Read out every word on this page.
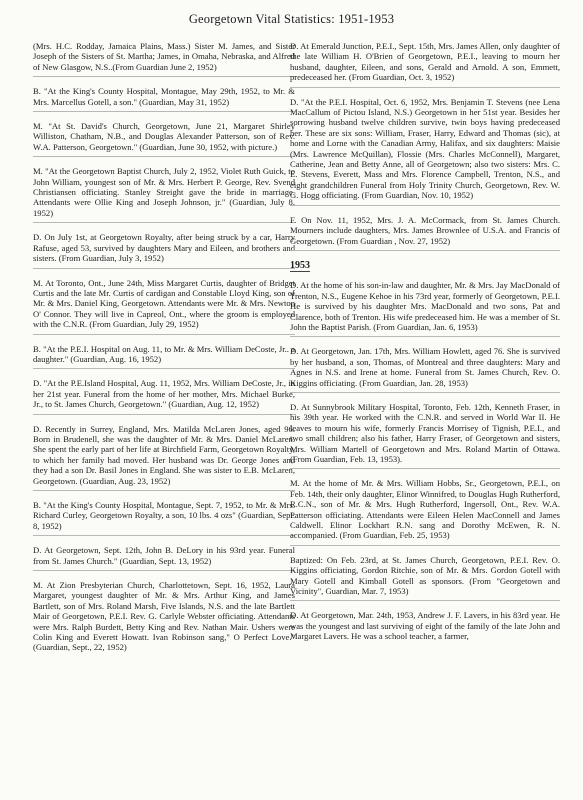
Georgetown Vital Statistics: 1951-1953
(Mrs. H.C. Rodday, Jamaica Plains, Mass.) Sister M. James, and Sister Joseph of the Sisters of St. Martha; James, in Omaha, Nebraska, and Alfred of New Glasgow, N.S..(From Guardian June 2, 1952)
B. "At the King's County Hospital, Montague, May 29th, 1952, to Mr. & Mrs. Marcellus Gotell, a son." (Guardian, May 31, 1952)
M. "At St. David's Church, Georgetown, June 21, Margaret Shirley Williston, Chatham, N.B., and Douglas Alexander Patterson, son of Rev. W.A. Patterson, Georgetown." (Guardian, June 30, 1952, with picture.)
M. "At the Georgetown Baptist Church, July 2, 1952, Violet Ruth Guick, to John William, youngest son of Mr. & Mrs. Herbert P. George, Rev. Svend Christiansen officiating. Stanley Streight gave the bride in marriage. Attendants were Ollie King and Joseph Johnson, jr." (Guardian, July 8, 1952)
D. On July 1st, at Georgetown Royalty, after being struck by a car, Harry Rafuse, aged 53, survived by daughters Mary and Eileen, and brothers and sisters. (From Guardian, July 3, 1952)
M. At Toronto, Ont., June 24th, Miss Margaret Curtis, daughter of Bridget Curtis and the late Mr. Curtis of cardigan and Constable Lloyd King, son of Mr. & Mrs. Daniel King, Georgetown. Attendants were Mr. & Mrs. Newton O' Connor. They will live in Capreol, Ont., where the groom is employed with the C.N.R. (From Guardian, July 29, 1952)
B. "At the P.E.I. Hospital on Aug. 11, to Mr. & Mrs. William DeCoste, Jr.. a daughter." (Guardian, Aug. 16, 1952)
D. "At the P.E.Island Hospital, Aug. 11, 1952, Mrs. William DeCoste, Jr., in her 21st year. Funeral from the home of her mother, Mrs. Michael Burke, Jr., to St. James Church, Georgetown." (Guardian, Aug. 12, 1952)
D. Recently in Surrey, England, Mrs. Matilda McLaren Jones, aged 96. Born in Brudenell, she was the daughter of Mr. & Mrs. Daniel McLaren. She spent the early part of her life at Birchfield Farm, Georgetown Royalty, to which her family had moved. Her husband was Dr. George Jones and they had a son Dr. Basil Jones in England. She was sister to E.B. McLaren, Georgetown. (Guardian, Aug. 23, 1952)
B. "At the King's County Hospital, Montague, Sept. 7, 1952, to Mr. & Mrs. Richard Curley, Georgetown Royalty, a son, 10 lbs. 4 ozs" (Guardian, Sept. 8, 1952)
D. At Georgetown, Sept. 12th, John B. DeLory in his 93rd year. Funeral from St. James Church." (Guardian, Sept. 13, 1952)
M. At Zion Presbyterian Church, Charlottetown, Sept. 16, 1952, Laura Margaret, youngest daughter of Mr. & Mrs. Arthur King, and James Bartlett, son of Mrs. Roland Marsh, Five Islands, N.S. and the late Bartlett Mair of Georgetown, P.E.I. Rev. G. Carlyle Webster officiating. Attendants were Mrs. Ralph Burdett, Betty King and Rev. Nathan Mair. Ushers were Colin King and Everett Howatt. Ivan Robinson sang," O Perfect Love." (Guardian, Sept., 22, 1952)
D. At Emerald Junction, P.E.I., Sept. 15th, Mrs. James Allen, only daughter of the late William H. O'Brien of Georgetown, P.E.I., leaving to mourn her husband, daughter, Eileen, and sons, Gerald and Arnold. A son, Emmett, predeceased her. (From Guardian, Oct. 3, 1952)
D. "At the P.E.I. Hospital, Oct. 6, 1952, Mrs. Benjamin T. Stevens (nee Lena MacCallum of Pictou Island, N.S.) Georgetown in her 51st year. Besides her sorrowing husband twelve children survive, twin boys having predeceased her. These are six sons: William, Fraser, Harry, Edward and Thomas (sic), at home and Lorne with the Canadian Army, Halifax, and six daughters: Maisie (Mrs. Lawrence McQuillan), Flossie (Mrs. Charles McConnell), Margaret, Catherine, Jean and Betty Anne, all of Georgetown; also two sisters: Mrs. C. E. Stevens, Everett, Mass and Mrs. Florence Campbell, Trenton, N.S., and eight grandchildren Funeral from Holy Trinity Church, Georgetown, Rev. W. G. Hogg officiating. (From Guardian, Nov. 10, 1952)
F. On Nov. 11, 1952, Mrs. J. A. McCormack, from St. James Church. Mourners include daughters, Mrs. James Brownlee of U.S.A. and Francis of Georgetown. (From Guardian , Nov. 27, 1952)
1953
D. At the home of his son-in-law and daughter, Mr. & Mrs. Jay MacDonald of Trenton, N.S., Eugene Kehoe in his 73rd year, formerly of Georgetown, P.E.I. He is survived by his daughter Mrs. MacDonald and two sons, Pat and Clarence, both of Trenton. His wife predeceased him. He was a member of St. John the Baptist Parish. (From Guardian, Jan. 6, 1953)
D. At Georgetown, Jan. 17th, Mrs. William Howlett, aged 76. She is survived by her husband, a son, Thomas, of Montreal and three daughters: Mary and Agnes in N.S. and Irene at home. Funeral from St. James Church, Rev. O. Kiggins officiating. (From Guardian, Jan. 28, 1953)
D. At Sunnybrook Military Hospital, Toronto, Feb. 12th, Kenneth Fraser, in his 39th year. He worked with the C.N.R. and served in World War II. He leaves to mourn his wife, formerly Francis Morrisey of Tignish, P.E.I., and two small children; also his father, Harry Fraser, of Georgetown and sisters, Mrs. William Martell of Georgetown and Mrs. Roland Martin of Ottawa. (From Guardian, Feb. 13, 1953).
M. At the home of Mr. & Mrs. William Hobbs, Sr., Georgetown, P.E.I., on Feb. 14th, their only daughter, Elinor Winnifred, to Douglas Hugh Rutherford, R.C.N., son of Mr. & Mrs. Hugh Rutherford, Ingersoll, Ont., Rev. W.A. Patterson officiating. Attendants were Eileen Helen MacConnell and James Caldwell. Elinor Lockhart R.N. sang and Dorothy McEwen, R. N. accompanied. (From Guardian, Feb. 25, 1953)
Baptized: On Feb. 23rd, at St. James Church, Georgetown, P.E.I. Rev. O. Kiggins officiating, Gordon Ritchie, son of Mr. & Mrs. Gordon Gotell with Mary Gotell and Kimball Gotell as sponsors. (From "Georgetown and Vicinity", Guardian, Mar. 7, 1953)
D. At Georgetown, Mar. 24th, 1953, Andrew J. F. Lavers, in his 83rd year. He was the youngest and last surviving of eight of the family of the late John and Margaret Lavers. He was a school teacher, a farmer,
